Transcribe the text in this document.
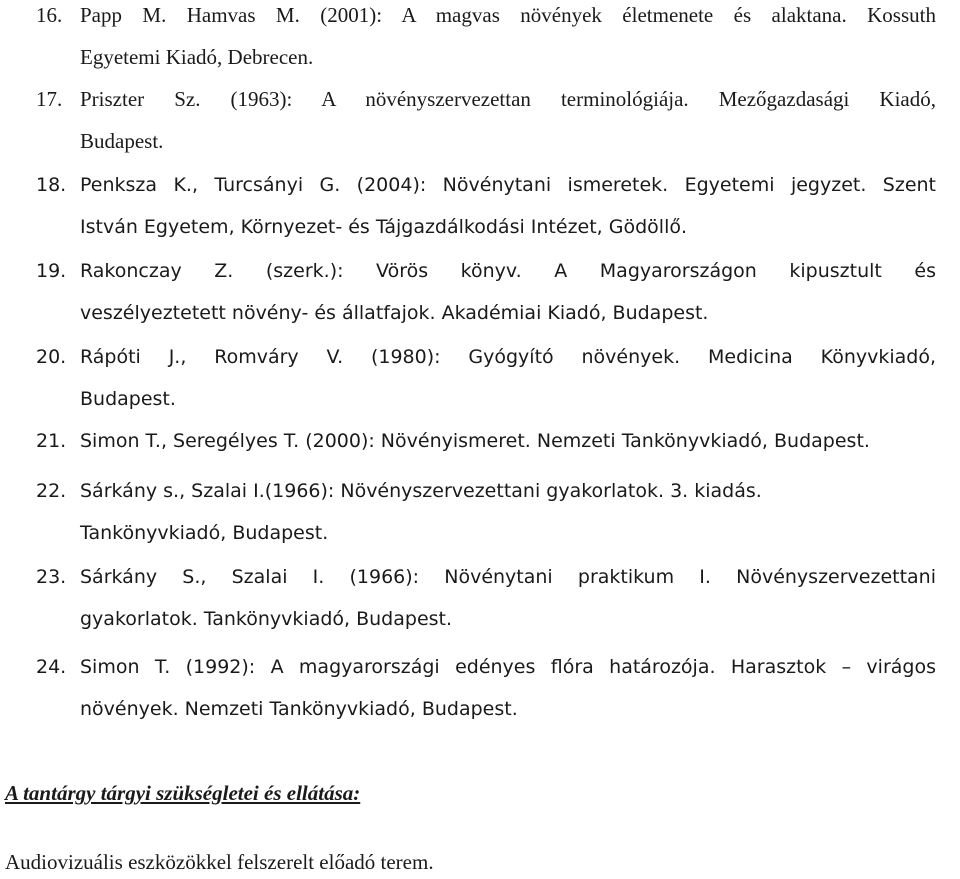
16. Papp M. Hamvas M. (2001): A magvas növények életmenete és alaktana. Kossuth
Egyetemi Kiadó, Debrecen.
17. Priszter Sz. (1963): A növényszervezettan terminológiája. Mezőgazdasági Kiadó,
Budapest.
18. Penksza K., Turcsányi G. (2004): Növénytani ismeretek. Egyetemi jegyzet. Szent
István Egyetem, Környezet- és Tájgazdálkodási Intézet, Gödöllő.
19. Rakonczay Z. (szerk.): Vörös könyv. A Magyarországon kipusztult és
veszélyeztetett növény- és állatfajok. Akadémiai Kiadó, Budapest.
20. Rápóti J., Romváry V. (1980): Gyógyító növények. Medicina Könyvkiadó,
Budapest.
21. Simon T., Seregélyes T. (2000): Növényismeret. Nemzeti Tankönyvkiadó, Budapest.
22. Sárkány s., Szalai I.(1966): Növényszervezettani gyakorlatok. 3. kiadás.
Tankönyvkiadó, Budapest.
23. Sárkány S., Szalai I. (1966): Növénytani praktikum I. Növényszervezettani
gyakorlatok. Tankönyvkiadó, Budapest.
24. Simon T. (1992): A magyarországi edényes flóra határozója. Harasztok – virágos
növények. Nemzeti Tankönyvkiadó, Budapest.
A tantárgy tárgyi szükségletei és ellátása:
Audiovizuális eszközökkel felszerelt előadó terem.
